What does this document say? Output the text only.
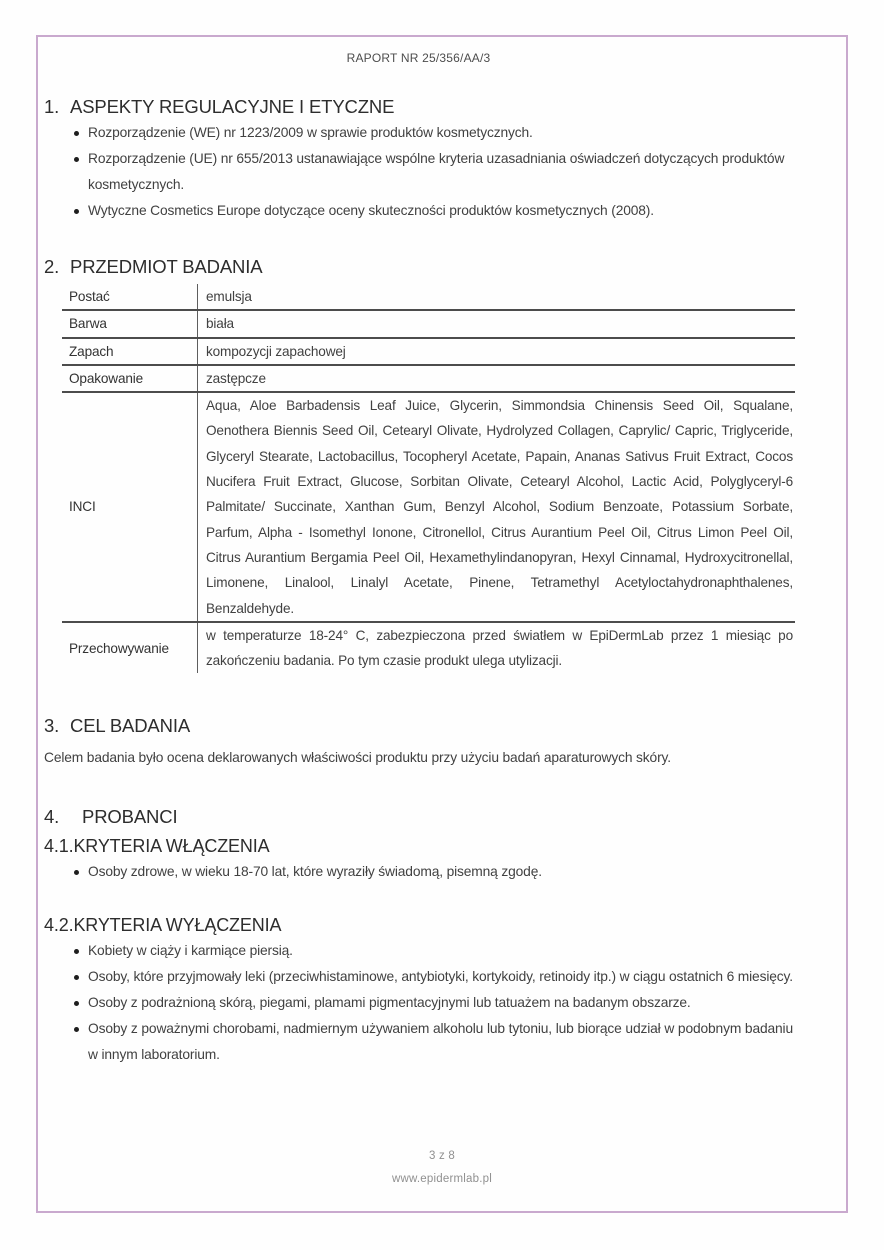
RAPORT NR 25/356/AA/3
1. ASPEKTY REGULACYJNE I ETYCZNE
Rozporządzenie (WE) nr 1223/2009 w sprawie produktów kosmetycznych.
Rozporządzenie (UE) nr 655/2013 ustanawiające wspólne kryteria uzasadniania oświadczeń dotyczących produktów kosmetycznych.
Wytyczne Cosmetics Europe dotyczące oceny skuteczności produktów kosmetycznych (2008).
2. PRZEDMIOT BADANIA
Postać	emulsja
Barwa	biała
Zapach	kompozycji zapachowej
Opakowanie	zastępcze
INCI	Aqua, Aloe Barbadensis Leaf Juice, Glycerin, Simmondsia Chinensis Seed Oil, Squalane, Oenothera Biennis Seed Oil, Cetearyl Olivate, Hydrolyzed Collagen, Caprylic/ Capric, Triglyceride, Glyceryl Stearate, Lactobacillus, Tocopheryl Acetate, Papain, Ananas Sativus Fruit Extract, Cocos Nucifera Fruit Extract, Glucose, Sorbitan Olivate, Cetearyl Alcohol, Lactic Acid, Polyglyceryl-6 Palmitate/ Succinate, Xanthan Gum, Benzyl Alcohol, Sodium Benzoate, Potassium Sorbate, Parfum, Alpha - Isomethyl Ionone, Citronellol, Citrus Aurantium Peel Oil, Citrus Limon Peel Oil, Citrus Aurantium Bergamia Peel Oil, Hexamethylindanopyran, Hexyl Cinnamal, Hydroxycitronellal, Limonene, Linalool, Linalyl Acetate, Pinene, Tetramethyl Acetyloctahydronaphthalenes, Benzaldehyde.
Przechowywanie	w temperaturze 18-24° C, zabezpieczona przed światłem w EpiDermLab przez 1 miesiąc po zakończeniu badania. Po tym czasie produkt ulega utylizacji.
3. CEL BADANIA

Celem badania było ocena deklarowanych właściwości produktu przy użyciu badań aparaturowych skóry.

4. PROBANCI
4.1.KRYTERIA WŁĄCZENIA
Osoby zdrowe, w wieku 18-70 lat, które wyraziły świadomą, pisemną zgodę.
4.2.KRYTERIA WYŁĄCZENIA
Kobiety w ciąży i karmiące piersią.
Osoby, które przyjmowały leki (przeciwhistaminowe, antybiotyki, kortykoidy, retinoidy itp.) w ciągu ostatnich 6 miesięcy.
Osoby z podrażnioną skórą, piegami, plamami pigmentacyjnymi lub tatuażem na badanym obszarze.
Osoby z poważnymi chorobami, nadmiernym używaniem alkoholu lub tytoniu, lub biorące udział w podobnym badaniu w innym laboratorium.
3 z 8
www.epidermlab.pl
